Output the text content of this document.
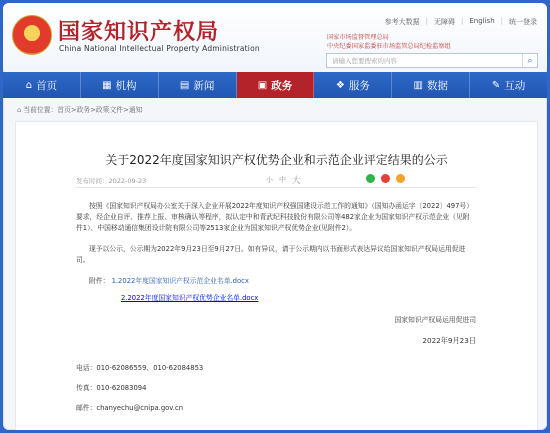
★
国家知识产权局
China National Intellectual Property Administration
参考大数据 | 无障碍 | English | 统一登录
国家市场监督管理总局
中央纪委国家监委驻市场监管总局纪检监察组
请输入您要搜索的内容	⌕
⌂ 首页	▦ 机构	▤ 新闻	▣ 政务	❖ 服务	▥ 数据	✎ 互动
⌂ 当前位置：首页>政务>政策文件>通知
关于2022年度国家知识产权优势企业和示范企业评定结果的公示
发布时间：2022-09-23	小 中 大

按照《国家知识产权局办公室关于深入企业开展2022年度知识产权强国建设示范工作的通知》（国知办函运字〔2022〕497号）要求，经企业自评、推荐上报、审核确认等程序，拟认定中和青武纪科技股份有限公司等482家企业为国家知识产权示范企业（见附件1）、中国移动通信集团设计院有限公司等2513家企业为国家知识产权优势企业(见附件2）。

现予以公示，公示期为2022年9月23日至9月27日。如有异议，请于公示期内以书面形式表达异议给国家知识产权局运用促进司。

附件： 1.2022年度国家知识产权示范企业名单.docx
2.2022年度国家知识产权优势企业名单.docx
国家知识产权局运用促进司
2022年9月23日
电话：010-62086559、010-62084853
传真：010-62083094
邮件：chanyechu@cnipa.gov.cn
